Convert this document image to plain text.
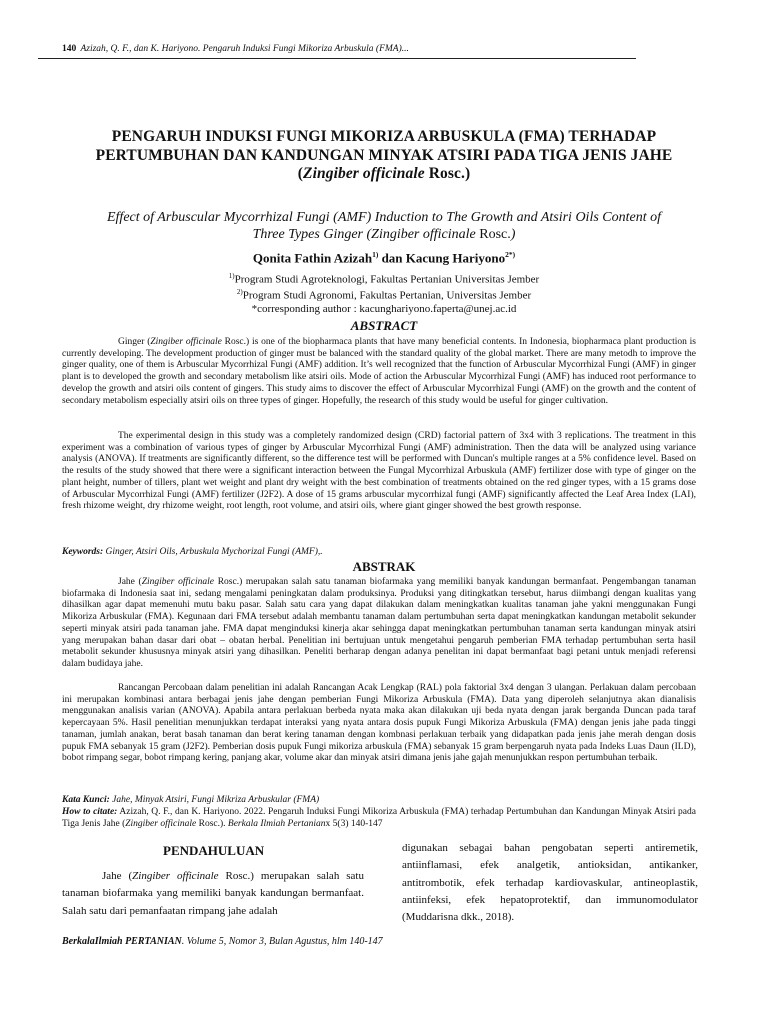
140 Azizah, Q. F., dan K. Hariyono. Pengaruh Induksi Fungi Mikoriza Arbuskula (FMA)...
PENGARUH INDUKSI FUNGI MIKORIZA ARBUSKULA (FMA) TERHADAP
PERTUMBUHAN DAN KANDUNGAN MINYAK ATSIRI PADA TIGA JENIS JAHE
(Zingiber officinale Rosc.)
Effect of Arbuscular Mycorrhizal Fungi (AMF) Induction to The Growth and Atsiri Oils Content of
Three Types Ginger (Zingiber officinale Rosc.)
Qonita Fathin Azizah$^{1)}$ dan Kacung Hariyono$^{2*)}$
$^{1)}$Program Studi Agroteknologi, Fakultas Pertanian Universitas Jember
$^{2)}$Program Studi Agronomi, Fakultas Pertanian, Universitas Jember
*corresponding author : kacunghariyono.faperta@unej.ac.id
ABSTRACT

Ginger (Zingiber officinale Rosc.) is one of the biopharmaca plants that have many beneficial contents. In Indonesia, biopharmaca plant production is currently developing. The development production of ginger must be balanced with the standard quality of the global market. There are many metodh to improve the ginger quality, one of them is Arbuscular Mycorrhizal Fungi (AMF) addition. It’s well recognized that the function of Arbuscular Mycorrhizal Fungi (AMF) in ginger plant is to developed the growth and secondary metabolism like atsiri oils. Mode of action the Arbuscular Mycorrhizal Fungi (AMF) has induced root performance to develop the growth and atsiri oils content of gingers. This study aims to discover the effect of Arbuscular Mycorrhizal Fungi (AMF) on the growth and the content of secondary metabolism especially atsiri oils on three types of ginger. Hopefully, the research of this study would be useful for ginger cultivation.

The experimental design in this study was a completely randomized design (CRD) factorial pattern of 3x4 with 3 replications. The treatment in this experiment was a combination of various types of ginger by Arbuscular Mycorrhizal Fungi (AMF) administration. Then the data will be analyzed using variance analysis (ANOVA). If treatments are significantly different, so the difference test will be performed with Duncan's multiple ranges at a 5% confidence level. Based on the results of the study showed that there were a significant interaction between the Fungal Mycorrhizal Arbuskula (AMF) fertilizer dose with type of ginger on the plant height, number of tillers, plant wet weight and plant dry weight with the best combination of treatments obtained on the red ginger types, with a 15 grams dose of Arbuscular Mycorrhizal Fungi (AMF) fertilizer (J2F2). A dose of 15 grams arbuscular mycorrhizal fungi (AMF) significantly affected the Leaf Area Index (LAI), fresh rhizome weight, dry rhizome weight, root length, root volume, and atsiri oils, where giant ginger showed the best growth response.

Keywords: Ginger, Atsiri Oils, Arbuskula Mychorizal Fungi (AMF),.
ABSTRAK

Jahe (Zingiber officinale Rosc.) merupakan salah satu tanaman biofarmaka yang memiliki banyak kandungan bermanfaat. Pengembangan tanaman biofarmaka di Indonesia saat ini, sedang mengalami peningkatan dalam produksinya. Produksi yang ditingkatkan tersebut, harus diimbangi dengan kualitas yang dihasilkan agar dapat memenuhi mutu baku pasar. Salah satu cara yang dapat dilakukan dalam meningkatkan kualitas tanaman jahe yakni menggunakan Fungi Mikoriza Arbuskular (FMA). Kegunaan dari FMA tersebut adalah membantu tanaman dalam pertumbuhan serta dapat meningkatkan kandungan metabolit sekunder seperti minyak atsiri pada tanaman jahe. FMA dapat menginduksi kinerja akar sehingga dapat meningkatkan pertumbuhan tanaman serta kandungan minyak atsiri yang merupakan bahan dasar dari obat – obatan herbal. Penelitian ini bertujuan untuk mengetahui pengaruh pemberian FMA terhadap pertumbuhan serta hasil metabolit sekunder khususnya minyak atsiri yang dihasilkan. Peneliti berharap dengan adanya penelitan ini dapat bermanfaat bagi petani untuk menjadi referensi dalam budidaya jahe.

Rancangan Percobaan dalam penelitian ini adalah Rancangan Acak Lengkap (RAL) pola faktorial 3x4 dengan 3 ulangan. Perlakuan dalam percobaan ini merupakan kombinasi antara berbagai jenis jahe dengan pemberian Fungi Mikoriza Arbuskula (FMA). Data yang diperoleh selanjutnya akan dianalisis menggunakan analisis varian (ANOVA). Apabila antara perlakuan berbeda nyata maka akan dilakukan uji beda nyata dengan jarak berganda Duncan pada taraf kepercayaan 5%. Hasil penelitian menunjukkan terdapat interaksi yang nyata antara dosis pupuk Fungi Mikoriza Arbuskula (FMA) dengan jenis jahe pada tinggi tanaman, jumlah anakan, berat basah tanaman dan berat kering tanaman dengan kombnasi perlakuan terbaik yang didapatkan pada jenis jahe merah dengan dosis pupuk FMA sebanyak 15 gram (J2F2). Pemberian dosis pupuk Fungi mikoriza arbuskula (FMA) sebanyak 15 gram berpengaruh nyata pada Indeks Luas Daun (ILD), bobot rimpang segar, bobot rimpang kering, panjang akar, volume akar dan minyak atsiri dimana jenis jahe gajah menunjukkan respon pertumbuhan terbaik.

Kata Kunci: Jahe, Minyak Atsiri, Fungi Mikriza Arbuskular (FMA)
How to citate: Azizah, Q. F., dan K. Hariyono. 2022. Pengaruh Induksi Fungi Mikoriza Arbuskula (FMA) terhadap Pertumbuhan dan Kandungan Minyak Atsiri pada Tiga Jenis Jahe (Zingiber officinale Rosc.). Berkala Ilmiah Pertanianx 5(3) 140-147
PENDAHULUAN

Jahe (Zingiber officinale Rosc.) merupakan salah satu tanaman biofarmaka yang memiliki banyak kandungan bermanfaat. Salah satu dari pemanfaatan rimpang jahe adalah

digunakan sebagai bahan pengobatan seperti antiremetik, antiinflamasi, efek analgetik, antioksidan, antikanker, antitrombotik, efek terhadap kardiovaskular, antineoplastik, antiinfeksi, efek hepatoprotektif, dan immunomodulator (Muddarisna dkk., 2018).

BerkalaIlmiah PERTANIAN. Volume 5, Nomor 3, Bulan Agustus, hlm 140-147
